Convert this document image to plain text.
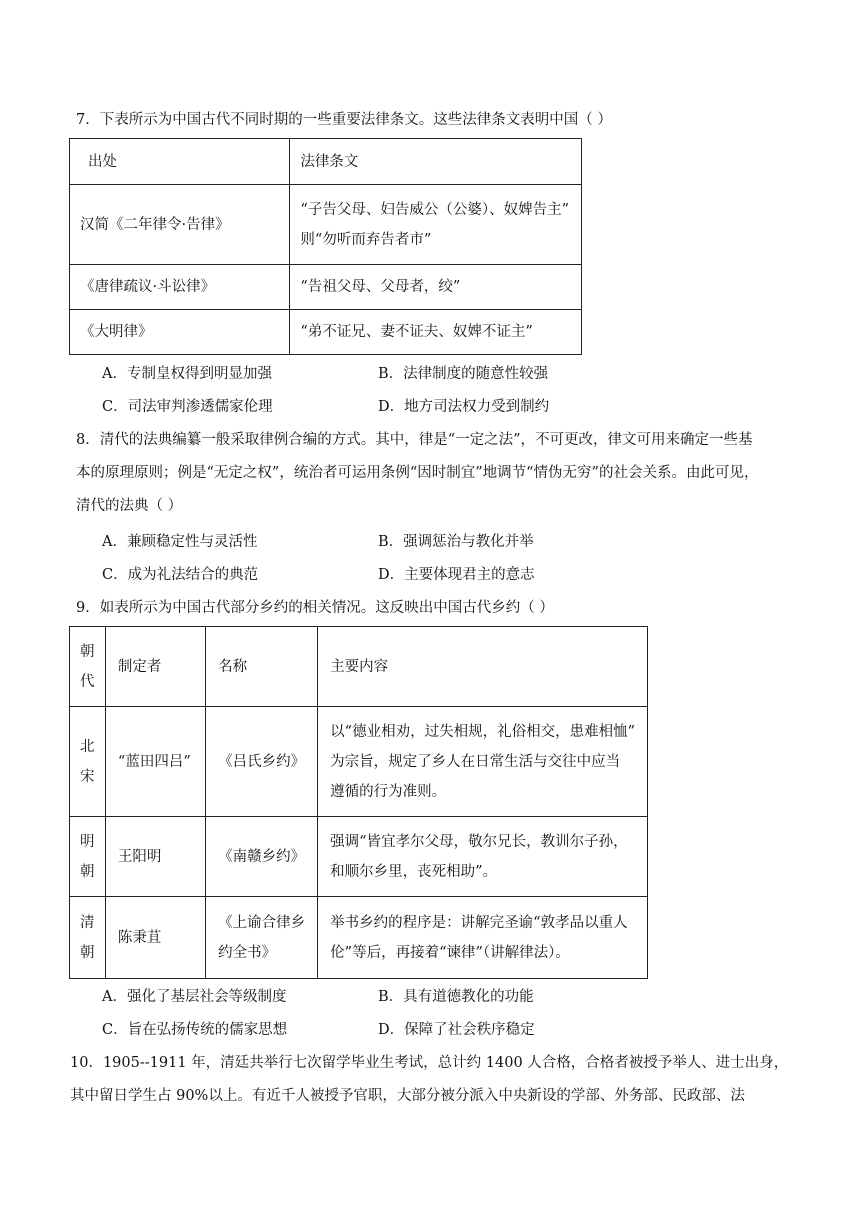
7．下表所示为中国古代不同时期的一些重要法律条文。这些法律条文表明中国（ ）
出处	法律条文
汉简《二年律令·告律》	“子告父母、妇告威公（公婆）、奴婢告主”
则“勿听而弃告者市”

《唐律疏议·斗讼律》	“告祖父母、父母者，绞”
《大明律》	“弟不证兄、妻不证夫、奴婢不证主”
A．专制皇权得到明显加强	B．法律制度的随意性较强
C．司法审判渗透儒家伦理	D．地方司法权力受到制约
8．清代的法典编纂一般采取律例合编的方式。其中，律是“一定之法”，不可更改，律文可用来确定一些基
本的原理原则；例是“无定之权”，统治者可运用条例“因时制宜”地调节“情伪无穷”的社会关系。由此可见，
清代的法典（ ）
A．兼顾稳定性与灵活性	B．强调惩治与教化并举
C．成为礼法结合的典范	D．主要体现君主的意志
9．如表所示为中国古代部分乡约的相关情况。这反映出中国古代乡约（ ）
朝
代	制定者	名称	主要内容

北
宋	“蓝田四吕”	《吕氏乡约》	以“德业相劝，过失相规，礼俗相交，患难相恤”
为宗旨，规定了乡人在日常生活与交往中应当
遵循的行为准则。

明
朝	王阳明	《南赣乡约》	强调“皆宜孝尔父母，敬尔兄长，教训尔子孙，
和顺尔乡里，丧死相助”。

清
朝	陈秉苴	《上谕合律乡
约全书》	举书乡约的程序是：讲解完圣谕“敦孝品以重人
伦”等后，再接着“谏律”（讲解律法）。
A．强化了基层社会等级制度	B．具有道德教化的功能
C．旨在弘扬传统的儒家思想	D．保障了社会秩序稳定
10．1905--1911 年，清廷共举行七次留学毕业生考试，总计约 1400 人合格，合格者被授予举人、进士出身，
其中留日学生占 90%以上。有近千人被授予官职，大部分被分派入中央新设的学部、外务部、民政部、法
